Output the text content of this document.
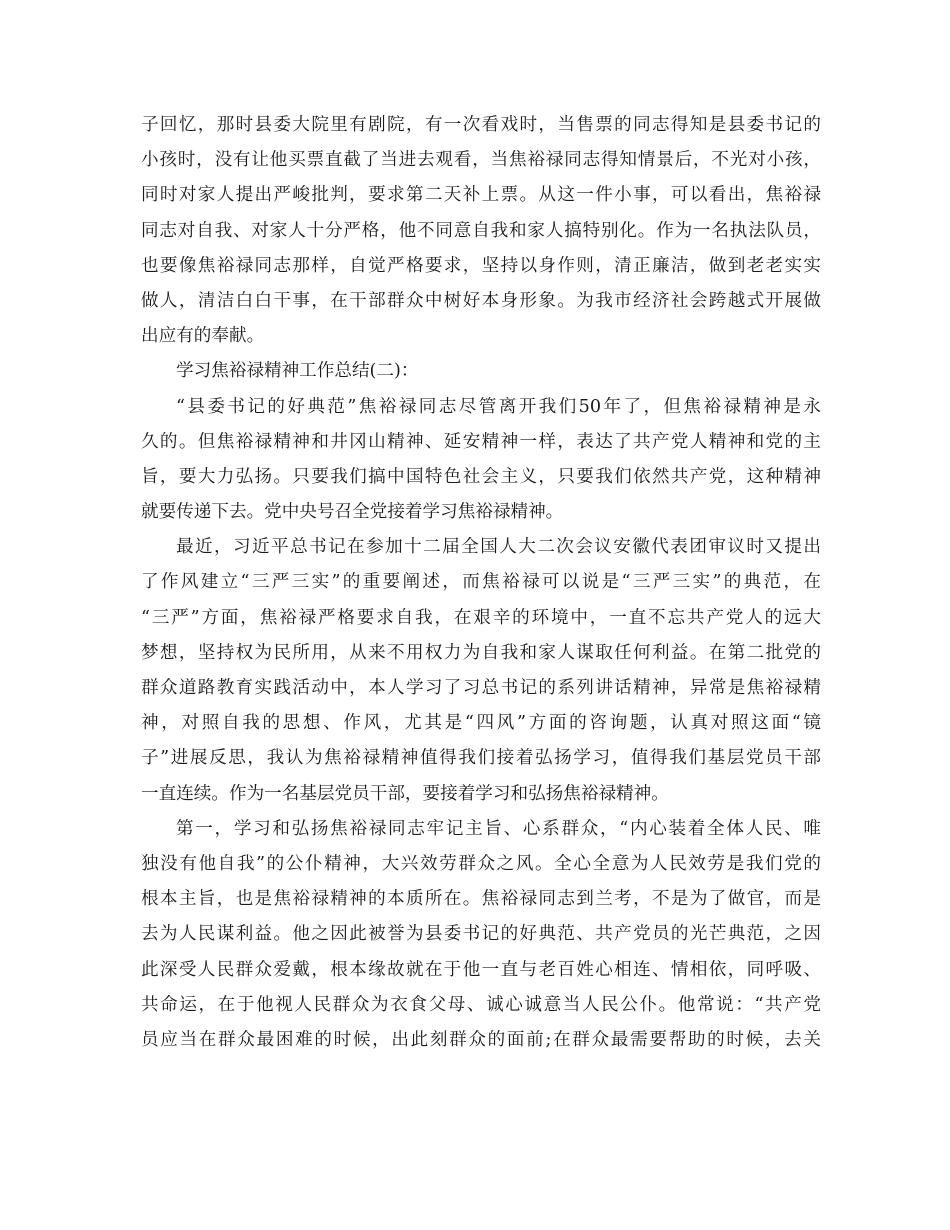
子回忆，那时县委大院里有剧院，有一次看戏时，当售票的同志得知是县委书记的
小孩时，没有让他买票直截了当进去观看，当焦裕禄同志得知情景后，不光对小孩，
同时对家人提出严峻批判，要求第二天补上票。从这一件小事，可以看出，焦裕禄
同志对自我、对家人十分严格，他不同意自我和家人搞特别化。作为一名执法队员，
也要像焦裕禄同志那样，自觉严格要求，坚持以身作则，清正廉洁，做到老老实实
做人，清洁白白干事，在干部群众中树好本身形象。为我市经济社会跨越式开展做
出应有的奉献。
学习焦裕禄精神工作总结(二)：
“县委书记的好典范”焦裕禄同志尽管离开我们50年了，但焦裕禄精神是永
久的。但焦裕禄精神和井冈山精神、延安精神一样，表达了共产党人精神和党的主
旨，要大力弘扬。只要我们搞中国特色社会主义，只要我们依然共产党，这种精神
就要传递下去。党中央号召全党接着学习焦裕禄精神。
最近，习近平总书记在参加十二届全国人大二次会议安徽代表团审议时又提出
了作风建立“三严三实”的重要阐述，而焦裕禄可以说是“三严三实”的典范，在
“三严”方面，焦裕禄严格要求自我，在艰辛的环境中，一直不忘共产党人的远大
梦想，坚持权为民所用，从来不用权力为自我和家人谋取任何利益。在第二批党的
群众道路教育实践活动中，本人学习了习总书记的系列讲话精神，异常是焦裕禄精
神，对照自我的思想、作风，尤其是“四风”方面的咨询题，认真对照这面“镜
子”进展反思，我认为焦裕禄精神值得我们接着弘扬学习，值得我们基层党员干部
一直连续。作为一名基层党员干部，要接着学习和弘扬焦裕禄精神。
第一，学习和弘扬焦裕禄同志牢记主旨、心系群众，“内心装着全体人民、唯
独没有他自我”的公仆精神，大兴效劳群众之风。全心全意为人民效劳是我们党的
根本主旨，也是焦裕禄精神的本质所在。焦裕禄同志到兰考，不是为了做官，而是
去为人民谋利益。他之因此被誉为县委书记的好典范、共产党员的光芒典范，之因
此深受人民群众爱戴，根本缘故就在于他一直与老百姓心相连、情相依，同呼吸、
共命运，在于他视人民群众为衣食父母、诚心诚意当人民公仆。他常说：“共产党
员应当在群众最困难的时候，出此刻群众的面前;在群众最需要帮助的时候，去关
